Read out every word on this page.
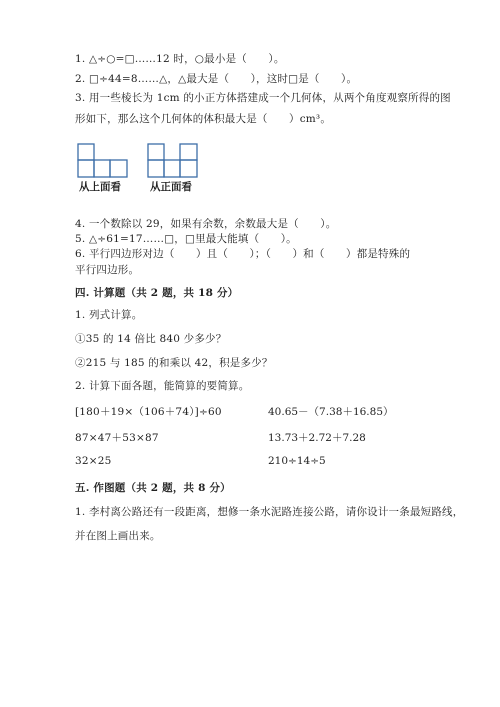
1. △÷○=□……12 时，○最小是（　　）。
2. □÷44=8……△，△最大是（　　），这时□是（　　）。
3. 用一些棱长为 1cm 的小正方体搭建成一个几何体，从两个角度观察所得的图
形如下，那么这个几何体的体积最大是（　　）cm³。
从上面看	从正面看
4. 一个数除以 29，如果有余数，余数最大是（　　）。
5. △÷61=17……□，□里最大能填（　　）。
6. 平行四边形对边（　　）且（　　）；（　　）和（　　）都是特殊的
平行四边形。
四. 计算题（共 2 题，共 18 分）
1. 列式计算。
①35 的 14 倍比 840 少多少？
②215 与 185 的和乘以 42，积是多少？
2. 计算下面各题，能简算的要简算。
[180＋19×（106＋74）]÷60	40.65－（7.38＋16.85）
87×47＋53×87	13.73＋2.72＋7.28
32×25	210÷14÷5
五. 作图题（共 2 题，共 8 分）
1. 李村离公路还有一段距离，想修一条水泥路连接公路，请你设计一条最短路线，
并在图上画出来。
